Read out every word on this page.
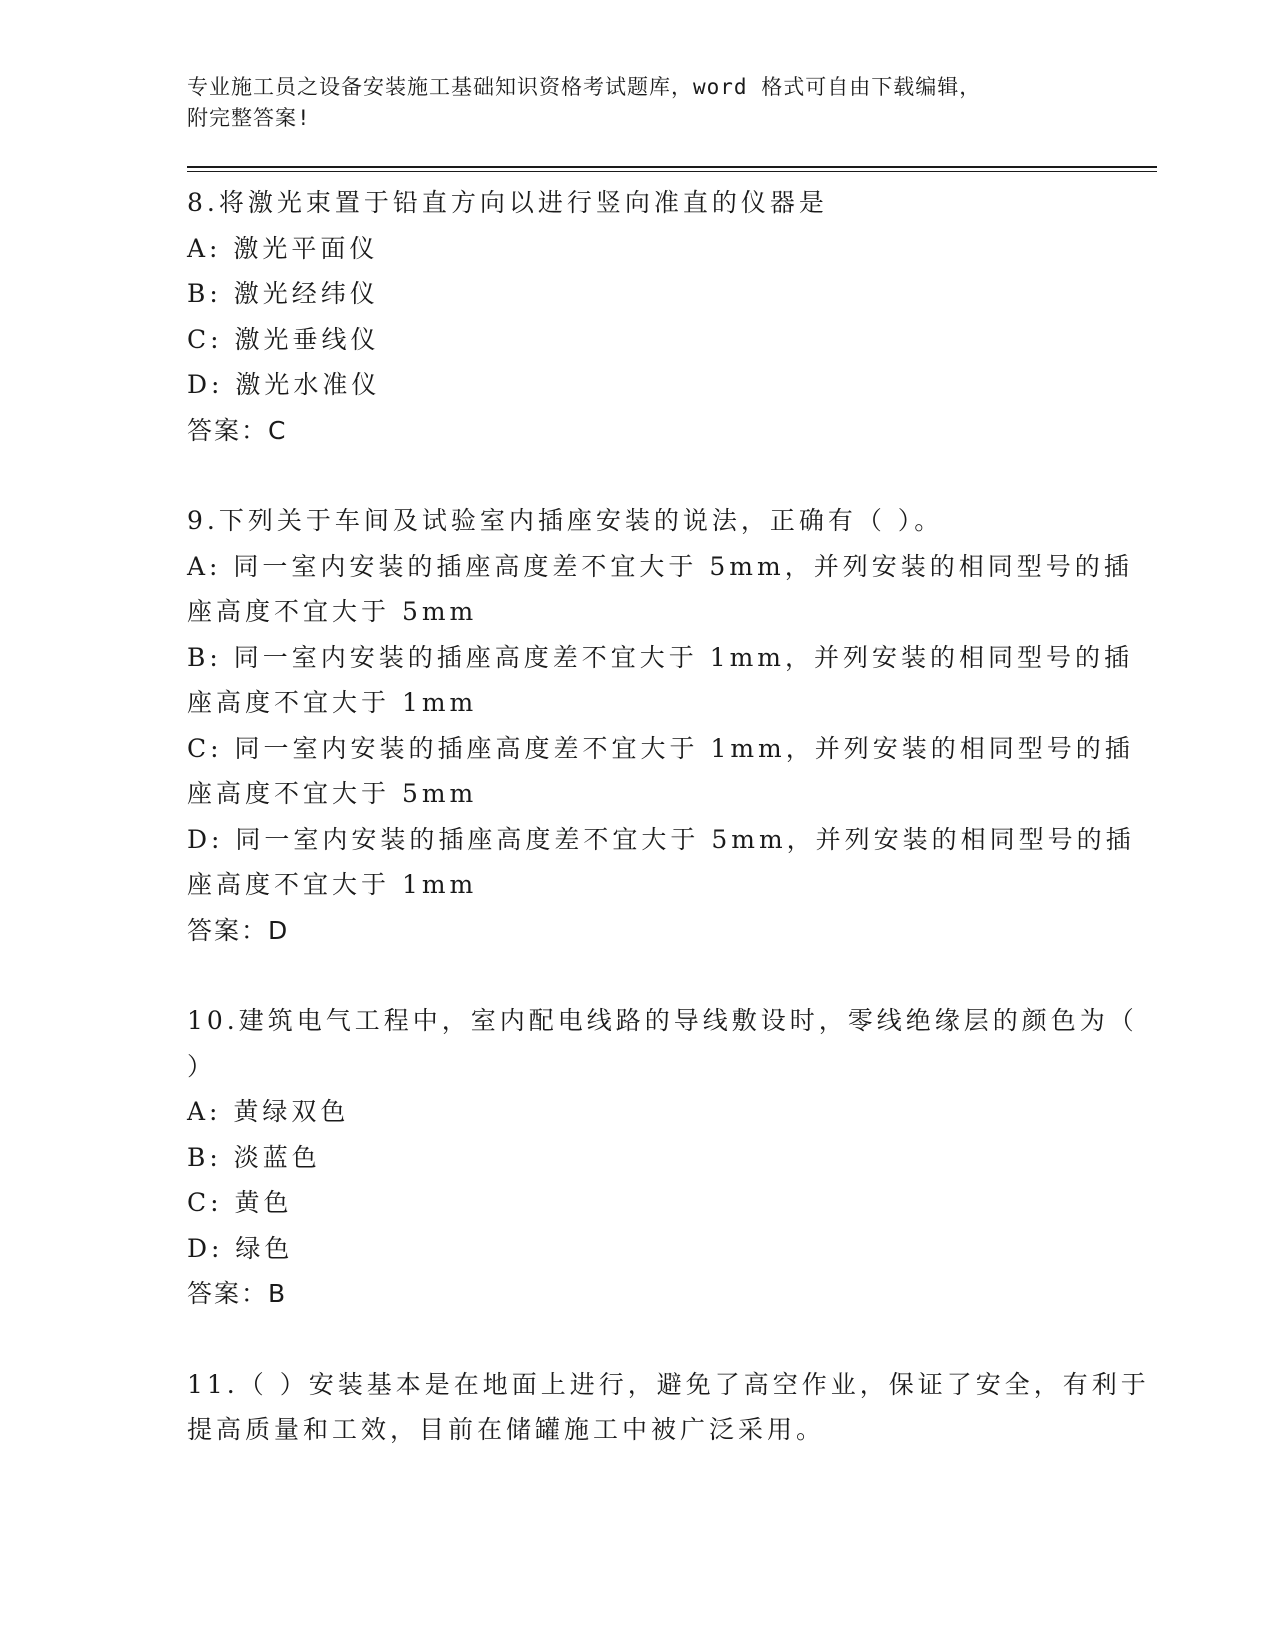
专业施工员之设备安装施工基础知识资格考试题库，word 格式可自由下载编辑，
附完整答案!

8.将激光束置于铅直方向以进行竖向准直的仪器是

A: 激光平面仪

B: 激光经纬仪

C: 激光垂线仪

D: 激光水准仪

答案：C

9.下列关于车间及试验室内插座安装的说法，正确有（ ）。

A: 同一室内安装的插座高度差不宜大于 5mm，并列安装的相同型号的插座高度不宜大于 5mm

B: 同一室内安装的插座高度差不宜大于 1mm，并列安装的相同型号的插座高度不宜大于 1mm

C: 同一室内安装的插座高度差不宜大于 1mm，并列安装的相同型号的插座高度不宜大于 5mm

D: 同一室内安装的插座高度差不宜大于 5mm，并列安装的相同型号的插座高度不宜大于 1mm

答案：D

10.建筑电气工程中，室内配电线路的导线敷设时，零线绝缘层的颜色为（ ）

A: 黄绿双色

B: 淡蓝色

C: 黄色

D: 绿色

答案：B

11.（ ）安装基本是在地面上进行，避免了高空作业，保证了安全，有利于提高质量和工效，目前在储罐施工中被广泛采用。
